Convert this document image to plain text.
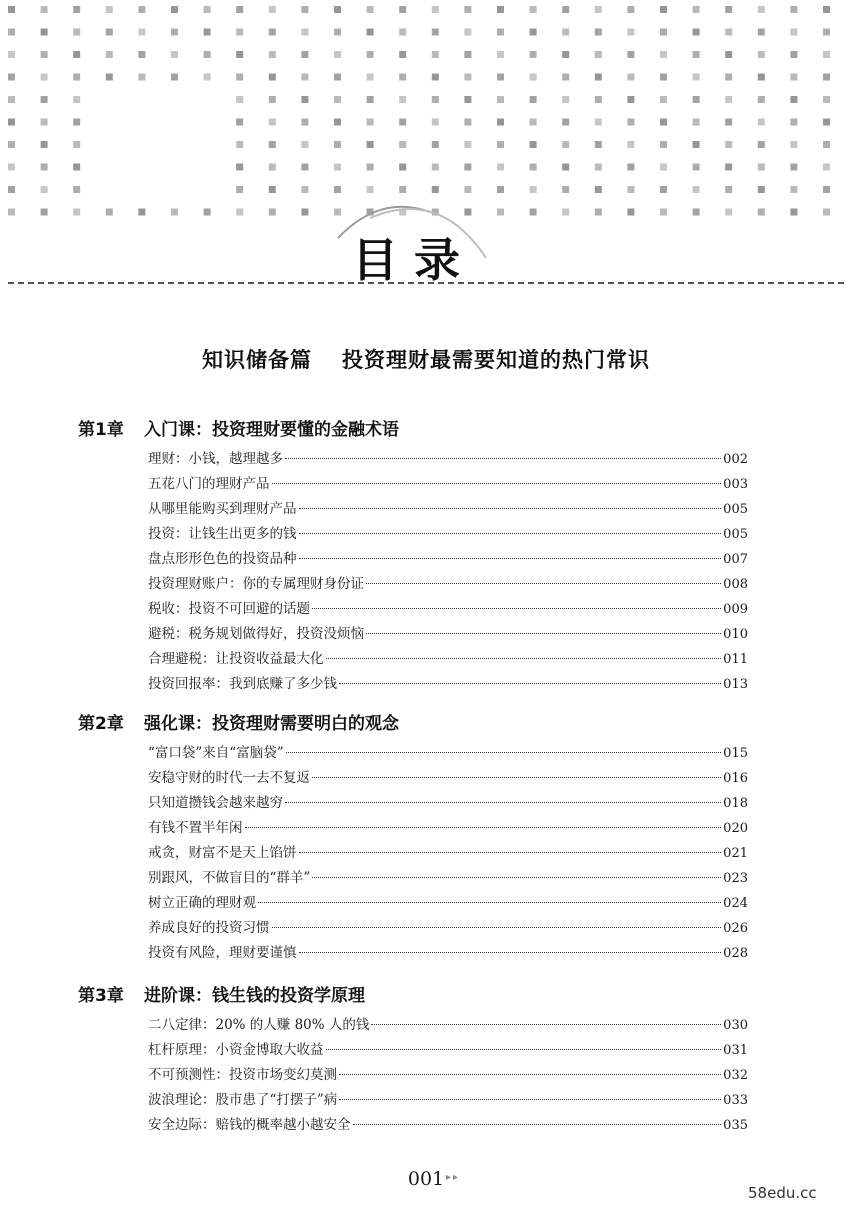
目录
知识储备篇 投资理财最需要知道的热门常识
第1章 入门课：投资理财要懂的金融术语
理财：小钱，越理越多	002
五花八门的理财产品	003
从哪里能购买到理财产品	005
投资：让钱生出更多的钱	005
盘点形形色色的投资品种	007
投资理财账户：你的专属理财身份证	008
税收：投资不可回避的话题	009
避税：税务规划做得好，投资没烦恼	010
合理避税：让投资收益最大化	011
投资回报率：我到底赚了多少钱	013
第2章 强化课：投资理财需要明白的观念
“富口袋”来自“富脑袋”	015
安稳守财的时代一去不复返	016
只知道攒钱会越来越穷	018
有钱不置半年闲	020
戒贪，财富不是天上馅饼	021
别跟风，不做盲目的“群羊”	023
树立正确的理财观	024
养成良好的投资习惯	026
投资有风险，理财要谨慎	028
第3章 进阶课：钱生钱的投资学原理
二八定律：20% 的人赚 80% 人的钱	030
杠杆原理：小资金博取大收益	031
不可预测性：投资市场变幻莫测	032
波浪理论：股市患了“打摆子”病	033
安全边际：赔钱的概率越小越安全	035
001 ▸▸
58edu.cc
